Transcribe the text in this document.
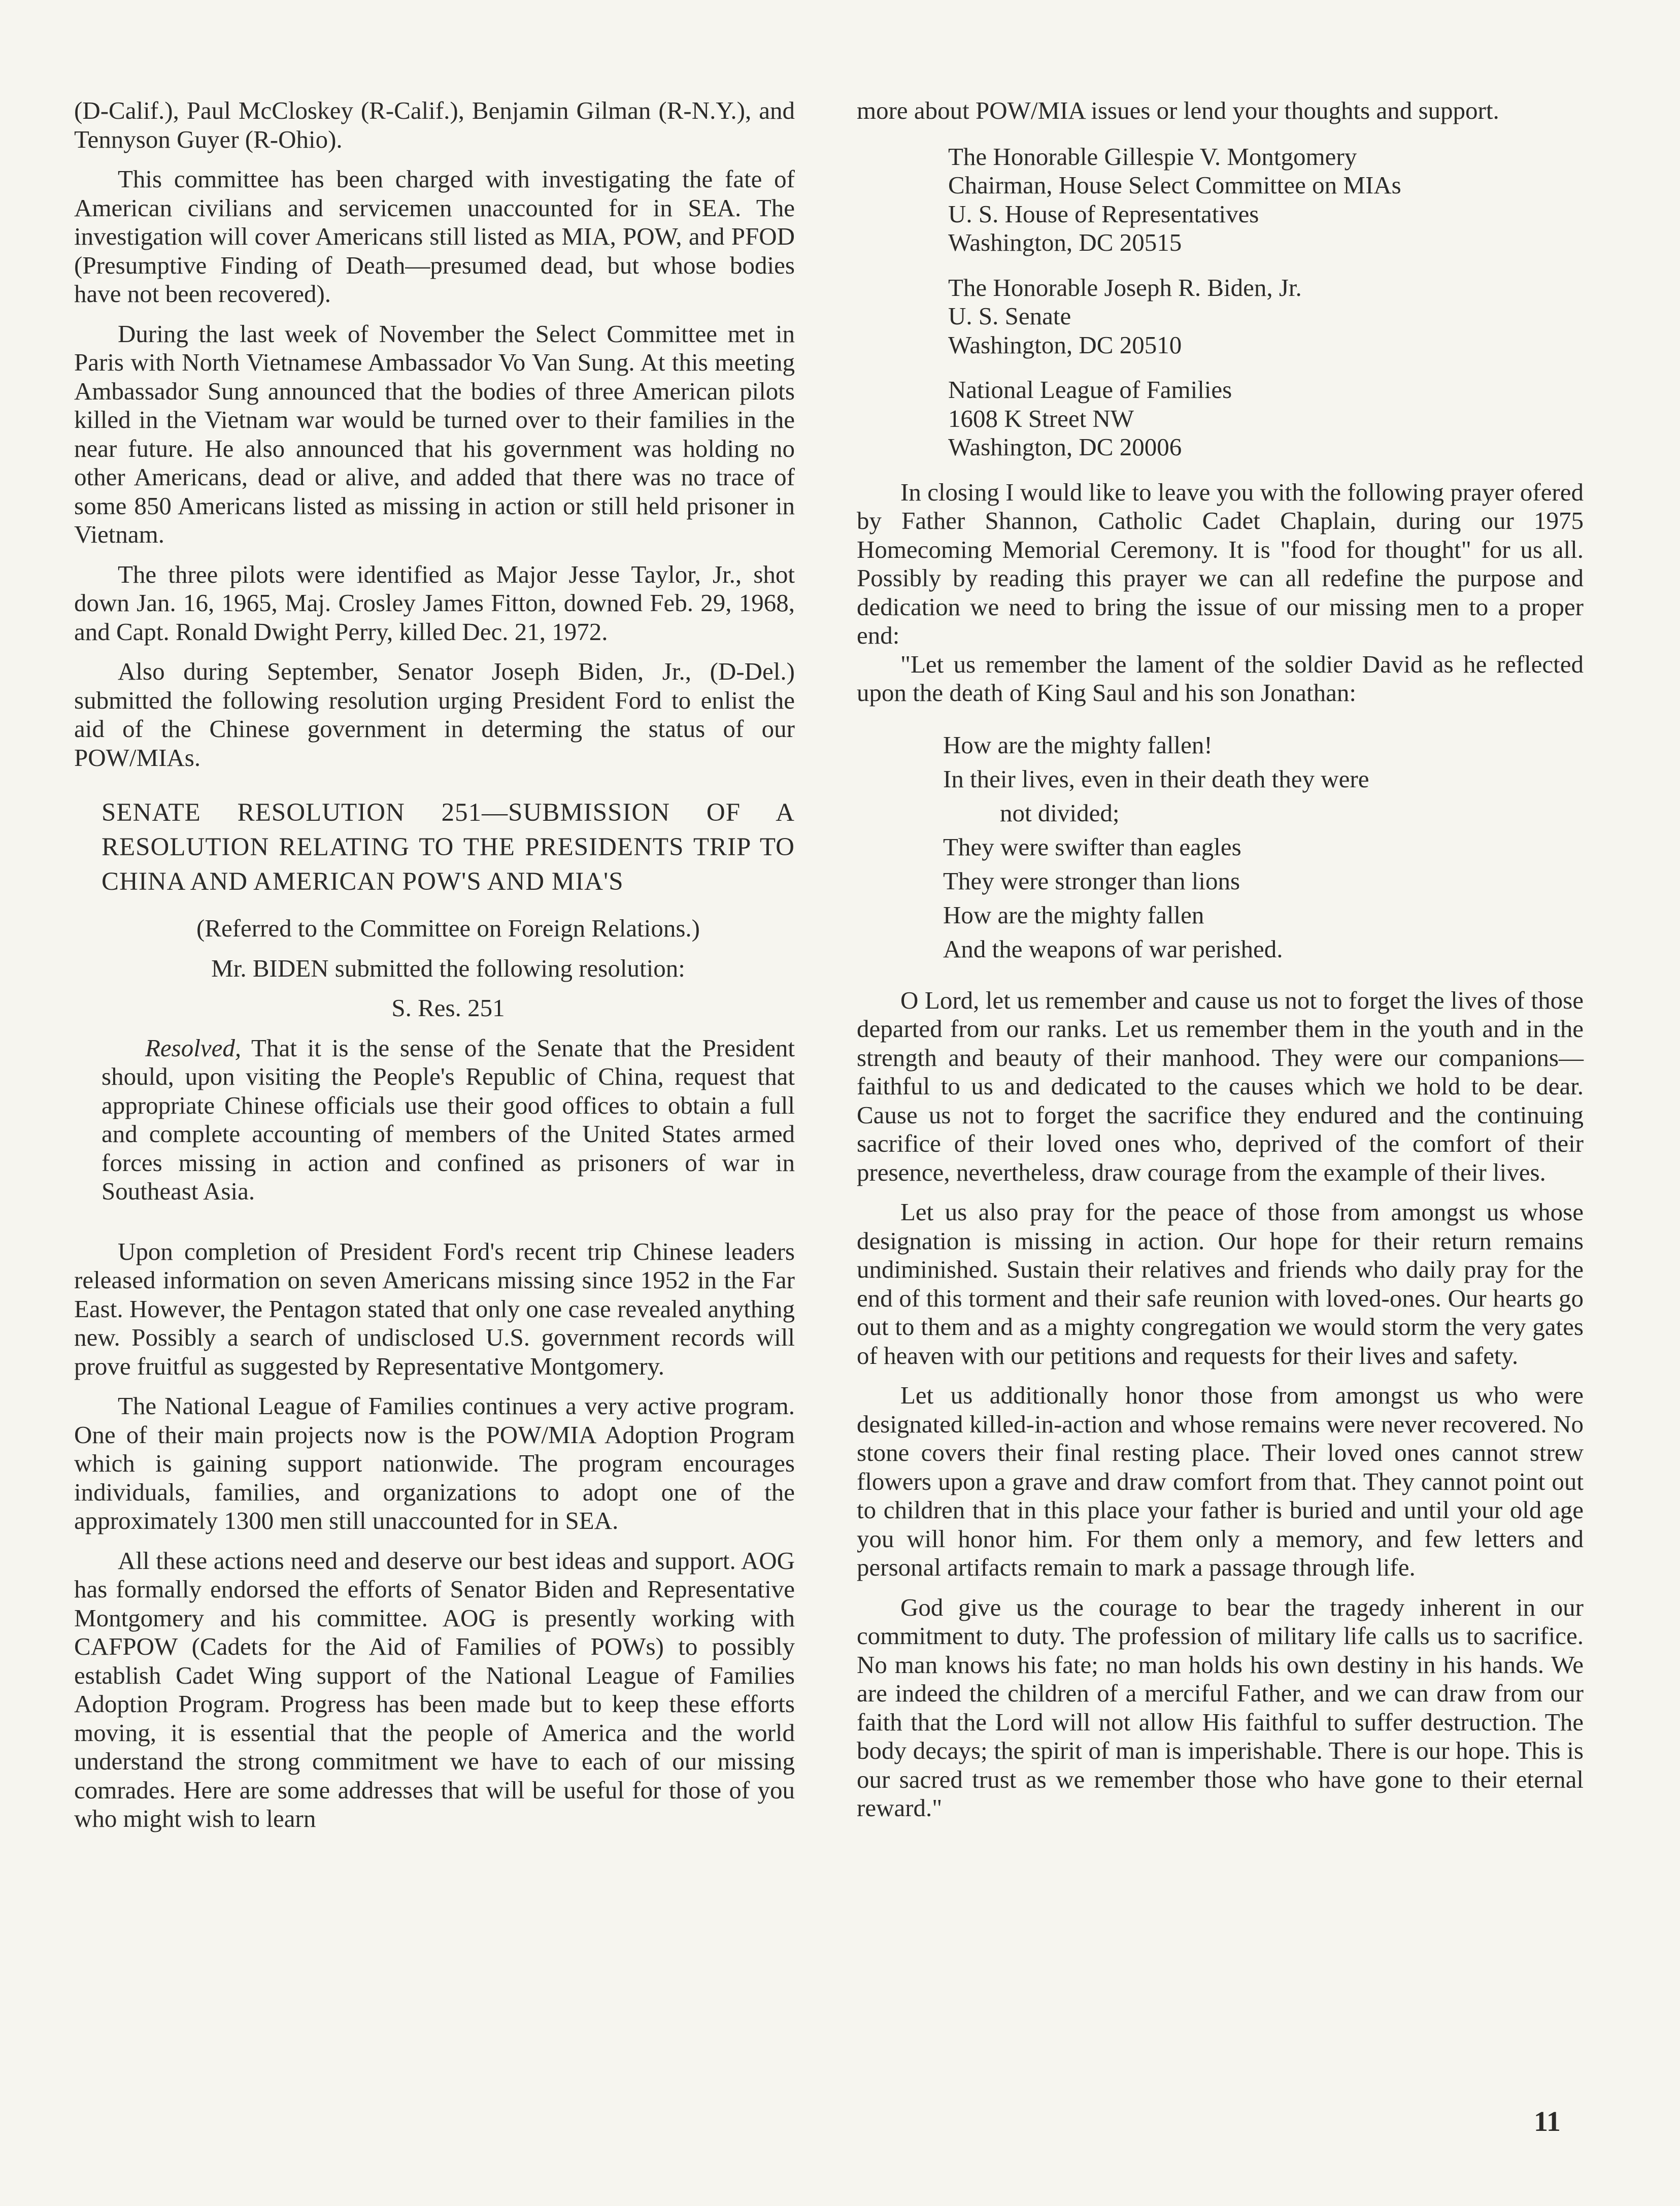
(D-Calif.), Paul McCloskey (R-Calif.), Benjamin Gilman (R-N.Y.), and Tennyson Guyer (R-Ohio).

This committee has been charged with investigating the fate of American civilians and servicemen unaccounted for in SEA. The investigation will cover Americans still listed as MIA, POW, and PFOD (Presumptive Finding of Death—presumed dead, but whose bodies have not been recovered).

During the last week of November the Select Committee met in Paris with North Vietnamese Ambassador Vo Van Sung. At this meeting Ambassador Sung announced that the bodies of three American pilots killed in the Vietnam war would be turned over to their families in the near future. He also announced that his government was holding no other Americans, dead or alive, and added that there was no trace of some 850 Americans listed as missing in action or still held prisoner in Vietnam.

The three pilots were identified as Major Jesse Taylor, Jr., shot down Jan. 16, 1965, Maj. Crosley James Fitton, downed Feb. 29, 1968, and Capt. Ronald Dwight Perry, killed Dec. 21, 1972.

Also during September, Senator Joseph Biden, Jr., (D-Del.) submitted the following resolution urging President Ford to enlist the aid of the Chinese government in determing the status of our POW/MIAs.

SENATE RESOLUTION 251—SUBMISSION OF A RESOLUTION RELATING TO THE PRESIDENTS TRIP TO CHINA AND AMERICAN POW'S AND MIA'S

(Referred to the Committee on Foreign Relations.)

Mr. BIDEN submitted the following resolution:

S. Res. 251

Resolved, That it is the sense of the Senate that the President should, upon visiting the People's Republic of China, request that appropriate Chinese officials use their good offices to obtain a full and complete accounting of members of the United States armed forces missing in action and confined as prisoners of war in Southeast Asia.

Upon completion of President Ford's recent trip Chinese leaders released information on seven Americans missing since 1952 in the Far East. However, the Pentagon stated that only one case revealed anything new. Possibly a search of undisclosed U.S. government records will prove fruitful as suggested by Representative Montgomery.

The National League of Families continues a very active program. One of their main projects now is the POW/MIA Adoption Program which is gaining support nationwide. The program encourages individuals, families, and organizations to adopt one of the approximately 1300 men still unaccounted for in SEA.

All these actions need and deserve our best ideas and support. AOG has formally endorsed the efforts of Senator Biden and Representative Montgomery and his committee. AOG is presently working with CAFPOW (Cadets for the Aid of Families of POWs) to possibly establish Cadet Wing support of the National League of Families Adoption Program. Progress has been made but to keep these efforts moving, it is essential that the people of America and the world understand the strong commitment we have to each of our missing comrades. Here are some addresses that will be useful for those of you who might wish to learn

more about POW/MIA issues or lend your thoughts and support.

The Honorable Gillespie V. Montgomery
Chairman, House Select Committee on MIAs
U. S. House of Representatives
Washington, DC 20515
The Honorable Joseph R. Biden, Jr.
U. S. Senate
Washington, DC 20510
National League of Families
1608 K Street NW
Washington, DC 20006

In closing I would like to leave you with the following prayer ofered by Father Shannon, Catholic Cadet Chaplain, during our 1975 Homecoming Memorial Ceremony. It is "food for thought" for us all. Possibly by reading this prayer we can all redefine the purpose and dedication we need to bring the issue of our missing men to a proper end:

"Let us remember the lament of the soldier David as he reflected upon the death of King Saul and his son Jonathan:

How are the mighty fallen!
In their lives, even in their death they were
not divided;
They were swifter than eagles
They were stronger than lions
How are the mighty fallen
And the weapons of war perished.

O Lord, let us remember and cause us not to forget the lives of those departed from our ranks. Let us remember them in the youth and in the strength and beauty of their manhood. They were our companions—faithful to us and dedicated to the causes which we hold to be dear. Cause us not to forget the sacrifice they endured and the continuing sacrifice of their loved ones who, deprived of the comfort of their presence, nevertheless, draw courage from the example of their lives.

Let us also pray for the peace of those from amongst us whose designation is missing in action. Our hope for their return remains undiminished. Sustain their relatives and friends who daily pray for the end of this torment and their safe reunion with loved-ones. Our hearts go out to them and as a mighty congregation we would storm the very gates of heaven with our petitions and requests for their lives and safety.

Let us additionally honor those from amongst us who were designated killed-in-action and whose remains were never recovered. No stone covers their final resting place. Their loved ones cannot strew flowers upon a grave and draw comfort from that. They cannot point out to children that in this place your father is buried and until your old age you will honor him. For them only a memory, and few letters and personal artifacts remain to mark a passage through life.

God give us the courage to bear the tragedy inherent in our commitment to duty. The profession of military life calls us to sacrifice. No man knows his fate; no man holds his own destiny in his hands. We are indeed the children of a merciful Father, and we can draw from our faith that the Lord will not allow His faithful to suffer destruction. The body decays; the spirit of man is imperishable. There is our hope. This is our sacred trust as we remember those who have gone to their eternal reward."

11
